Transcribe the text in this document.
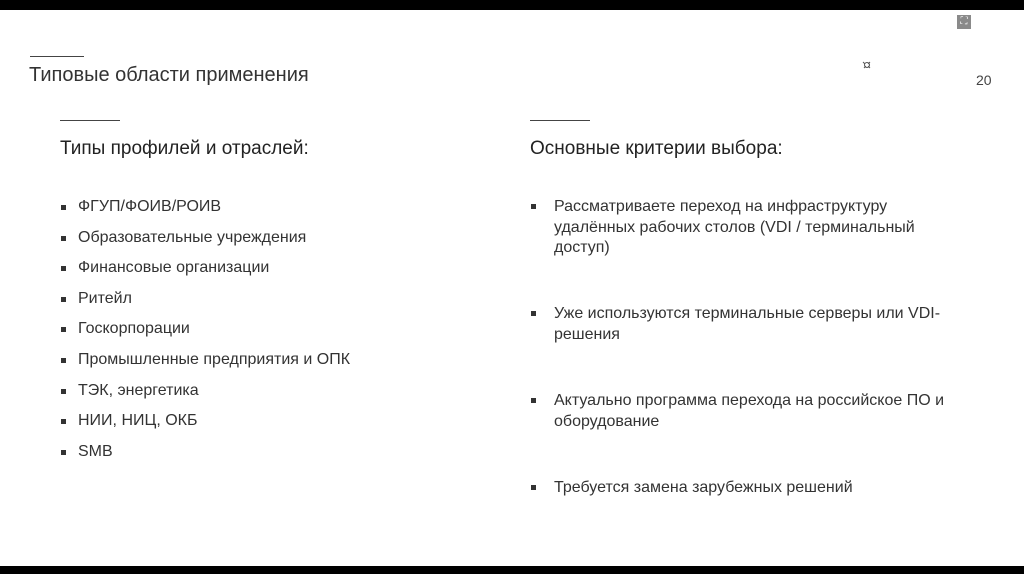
⛶
Типовые области применения	20
Типы профилей и отраслей:	Основные критерии выбора:
ФГУП/ФОИВ/РОИВ
Образовательные учреждения
Финансовые организации
Ритейл
Госкорпорации
Промышленные предприятия и ОПК
ТЭК, энергетика
НИИ, НИЦ, ОКБ
SMB
Рассматриваете переход на инфраструктуру удалённых рабочих столов (VDI / терминальный доступ)
Уже используются терминальные серверы или VDI-решения
Актуально программа перехода на российское ПО и оборудование
Требуется замена зарубежных решений
